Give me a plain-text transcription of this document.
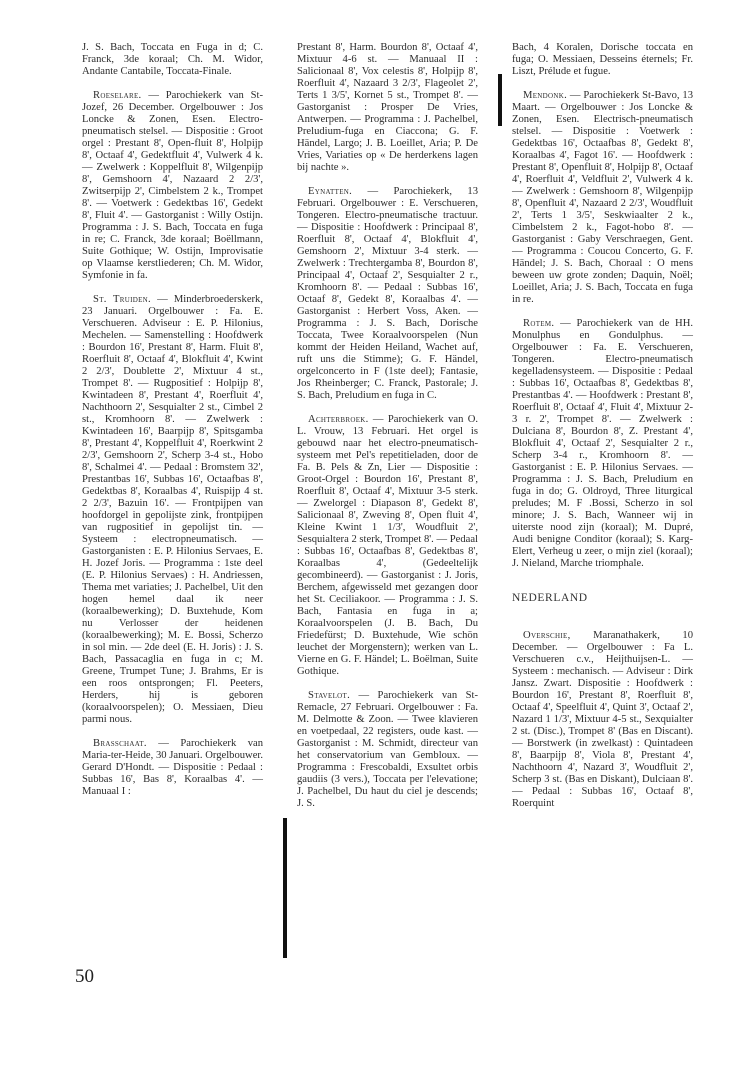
J. S. Bach, Toccata en Fuga in d; C. Franck, 3de koraal; Ch. M. Widor, Andante Cantabile, Toccata-Finale.

Roeselare. — Parochiekerk van St-Jozef, 26 December. Orgelbouwer : Jos Loncke & Zonen, Esen. Electro-pneumatisch stelsel. — Dispositie : Groot orgel : Prestant 8', Open-fluit 8', Holpijp 8', Octaaf 4', Gedektfluit 4', Vulwerk 4 k. — Zwelwerk : Koppelfluit 8', Wilgenpijp 8', Gemshoorn 4', Nazaard 2 2/3', Zwitserpijp 2', Cimbelstem 2 k., Trompet 8'. — Voetwerk : Gedektbas 16', Gedekt 8', Fluit 4'. — Gastorganist : Willy Ostijn. Programma : J. S. Bach, Toccata en fuga in re; C. Franck, 3de koraal; Boëllmann, Suite Gothique; W. Ostijn, Improvisatie op Vlaamse kerstliederen; Ch. M. Widor, Symfonie in fa.

St. Truiden. — Minderbroederskerk, 23 Januari. Orgelbouwer : Fa. E. Verschueren. Adviseur : E. P. Hilonius, Mechelen. — Samenstelling : Hoofdwerk : Bourdon 16', Prestant 8', Harm. Fluit 8', Roerfluit 8', Octaaf 4', Blokfluit 4', Kwint 2 2/3', Doublette 2', Mixtuur 4 st., Trompet 8'. — Rugpositief : Holpijp 8', Kwintadeen 8', Prestant 4', Roerfluit 4', Nachthoorn 2', Sesquialter 2 st., Cimbel 2 st., Kromhoorn 8'. — Zwelwerk : Kwintadeen 16', Baarpijp 8', Spitsgamba 8', Prestant 4', Koppelfluit 4', Roerkwint 2 2/3', Gemshoorn 2', Scherp 3-4 st., Hobo 8', Schalmei 4'. — Pedaal : Bromstem 32', Prestantbas 16', Subbas 16', Octaafbas 8', Gedektbas 8', Koraalbas 4', Ruispijp 4 st. 2 2/3', Bazuin 16'. — Frontpijpen van hoofdorgel in gepolijste zink, frontpijpen van rugpositief in gepolijst tin. — Systeem : electropneumatisch. — Gastorganisten : E. P. Hilonius Servaes, E. H. Jozef Joris. — Programma : 1ste deel (E. P. Hilonius Servaes) : H. Andriessen, Thema met variaties; J. Pachelbel, Uit den hogen hemel daal ik neer (koraalbewerking); D. Buxtehude, Kom nu Verlosser der heidenen (koraalbewerking); M. E. Bossi, Scherzo in sol min. — 2de deel (E. H. Joris) : J. S. Bach, Passacaglia en fuga in c; M. Greene, Trumpet Tune; J. Brahms, Er is een roos ontsprongen; Fl. Peeters, Herders, hij is geboren (koraalvoorspelen); O. Messiaen, Dieu parmi nous.

Brasschaat. — Parochiekerk van Maria-ter-Heide, 30 Januari. Orgelbouwer. Gerard D'Hondt. — Dispositie : Pedaal : Subbas 16', Bas 8', Koraalbas 4'. — Manuaal I :

Prestant 8', Harm. Bourdon 8', Octaaf 4', Mixtuur 4-6 st. — Manuaal II : Salicionaal 8', Vox celestis 8', Holpijp 8', Roerfluit 4', Nazaard 3 2/3', Flageolet 2', Terts 1 3/5', Kornet 5 st., Trompet 8'. — Gastorganist : Prosper De Vries, Antwerpen. — Programma : J. Pachelbel, Preludium-fuga en Ciaccona; G. F. Händel, Largo; J. B. Loeillet, Aria; P. De Vries, Variaties op « De herderkens lagen bij nachte ».

Eynatten. — Parochiekerk, 13 Februari. Orgelbouwer : E. Verschueren, Tongeren. Electro-pneumatische tractuur. — Dispositie : Hoofdwerk : Principaal 8', Roerfluit 8', Octaaf 4', Blokfluit 4', Gemshoorn 2', Mixtuur 3-4 sterk. — Zwelwerk : Trechtergamba 8', Bourdon 8', Principaal 4', Octaaf 2', Sesquialter 2 r., Kromhoorn 8'. — Pedaal : Subbas 16', Octaaf 8', Gedekt 8', Koraalbas 4'. — Gastorganist : Herbert Voss, Aken. — Programma : J. S. Bach, Dorische Toccata, Twee Koraalvoorspelen (Nun kommt der Heiden Heiland, Wachet auf, ruft uns die Stimme); G. F. Händel, orgelconcerto in F (1ste deel); Fantasie, Jos Rheinberger; C. Franck, Pastorale; J. S. Bach, Preludium en fuga in C.

Achterbroek. — Parochiekerk van O. L. Vrouw, 13 Februari. Het orgel is gebouwd naar het electro-pneumatisch-systeem met Pel's repetitieladen, door de Fa. B. Pels & Zn, Lier — Dispositie : Groot-Orgel : Bourdon 16', Prestant 8', Roerfluit 8', Octaaf 4', Mixtuur 3-5 sterk. — Zwelorgel : Diapason 8', Gedekt 8', Salicionaal 8', Zweving 8', Open fluit 4', Kleine Kwint 1 1/3', Woudfluit 2', Sesquialtera 2 sterk, Trompet 8'. — Pedaal : Subbas 16', Octaafbas 8', Gedektbas 8', Koraalbas 4', (Gedeeltelijk gecombineerd). — Gastorganist : J. Joris, Berchem, afgewisseld met gezangen door het St. Ceciliakoor. — Programma : J. S. Bach, Fantasia en fuga in a; Koraalvoorspelen (J. B. Bach, Du Friedefürst; D. Buxtehude, Wie schön leuchet der Morgenstern); werken van L. Vierne en G. F. Händel; L. Boëlman, Suite Gothique.

Stavelot. — Parochiekerk van St-Remacle, 27 Februari. Orgelbouwer : Fa. M. Delmotte & Zoon. — Twee klavieren en voetpedaal, 22 registers, oude kast. — Gastorganist : M. Schmidt, directeur van het conservatorium van Gembloux. — Programma : Frescobaldi, Exsultet orbis gaudiis (3 vers.), Toccata per l'elevatione; J. Pachelbel, Du haut du ciel je descends; J. S.

Bach, 4 Koralen, Dorische toccata en fuga; O. Messiaen, Desseins éternels; Fr. Liszt, Prélude et fugue.

Mendonk. — Parochiekerk St-Bavo, 13 Maart. — Orgelbouwer : Jos Loncke & Zonen, Esen. Electrisch-pneumatisch stelsel. — Dispositie : Voetwerk : Gedektbas 16', Octaafbas 8', Gedekt 8', Koraalbas 4', Fagot 16'. — Hoofdwerk : Prestant 8', Openfluit 8', Holpijp 8', Octaaf 4', Roerfluit 4', Veldfluit 2', Vulwerk 4 k. — Zwelwerk : Gemshoorn 8', Wilgenpijp 8', Openfluit 4', Nazaard 2 2/3', Woudfluit 2', Terts 1 3/5', Seskwiaalter 2 k., Cimbelstem 2 k., Fagot-hobo 8'. — Gastorganist : Gaby Verschraegen, Gent. — Programma : Coucou Concerto, G. F. Händel; J. S. Bach, Choraal : O mens beween uw grote zonden; Daquin, Noël; Loeillet, Aria; J. S. Bach, Toccata en fuga in re.

Rotem. — Parochiekerk van de HH. Monulphus en Gondulphus. — Orgelbouwer : Fa. E. Verschueren, Tongeren. Electro-pneumatisch kegelladensysteem. — Dispositie : Pedaal : Subbas 16', Octaafbas 8', Gedektbas 8', Prestantbas 4'. — Hoofdwerk : Prestant 8', Roerfluit 8', Octaaf 4', Fluit 4', Mixtuur 2-3 r. 2', Trompet 8'. — Zwelwerk : Dulciana 8', Bourdon 8', Z. Prestant 4', Blokfluit 4', Octaaf 2', Sesquialter 2 r., Scherp 3-4 r., Kromhoorn 8'. — Gastorganist : E. P. Hilonius Servaes. — Programma : J. S. Bach, Preludium en fuga in do; G. Oldroyd, Three liturgical preludes; M. F .Bossi, Scherzo in sol minore; J. S. Bach, Wanneer wij in uiterste nood zijn (koraal); M. Dupré, Audi benigne Conditor (koraal); S. Karg-Elert, Verheug u zeer, o mijn ziel (koraal); J. Nieland, Marche triomphale.

NEDERLAND

Overschie, Maranathakerk, 10 December. — Orgelbouwer : Fa L. Verschueren c.v., Heijthuijsen-L. — Systeem : mechanisch. — Adviseur : Dirk Jansz. Zwart. Dispositie : Hoofdwerk : Bourdon 16', Prestant 8', Roerfluit 8', Octaaf 4', Speelfluit 4', Quint 3', Octaaf 2', Nazard 1 1/3', Mixtuur 4-5 st., Sexquialter 2 st. (Disc.), Trompet 8' (Bas en Discant). — Borstwerk (in zwelkast) : Quintadeen 8', Baarpijp 8', Viola 8', Prestant 4', Nachthoorn 4', Nazard 3', Woudfluit 2', Scherp 3 st. (Bas en Diskant), Dulciaan 8'. — Pedaal : Subbas 16', Octaaf 8', Roerquint

50
